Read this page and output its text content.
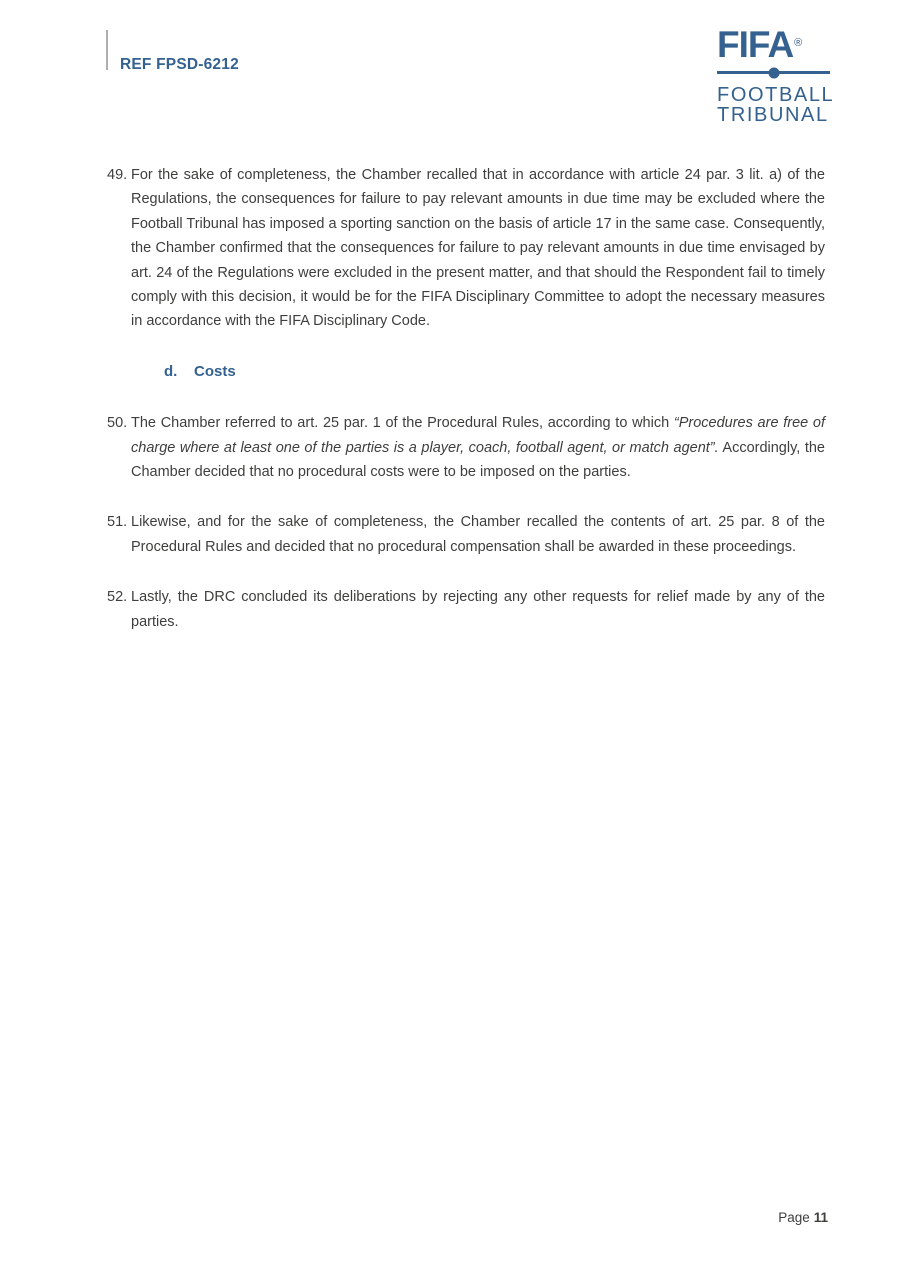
REF FPSD-6212	FIFA®
FOOTBALL
TRIBUNAL
49. For the sake of completeness, the Chamber recalled that in accordance with article 24 par. 3 lit. a) of the Regulations, the consequences for failure to pay relevant amounts in due time may be excluded where the Football Tribunal has imposed a sporting sanction on the basis of article 17 in the same case. Consequently, the Chamber confirmed that the consequences for failure to pay relevant amounts in due time envisaged by art. 24 of the Regulations were excluded in the present matter, and that should the Respondent fail to timely comply with this decision, it would be for the FIFA Disciplinary Committee to adopt the necessary measures in accordance with the FIFA Disciplinary Code.

d. Costs
50. The Chamber referred to art. 25 par. 1 of the Procedural Rules, according to which “Procedures are free of charge where at least one of the parties is a player, coach, football agent, or match agent”. Accordingly, the Chamber decided that no procedural costs were to be imposed on the parties.

51. Likewise, and for the sake of completeness, the Chamber recalled the contents of art. 25 par. 8 of the Procedural Rules and decided that no procedural compensation shall be awarded in these proceedings.

52. Lastly, the DRC concluded its deliberations by rejecting any other requests for relief made by any of the parties.

Page 11
